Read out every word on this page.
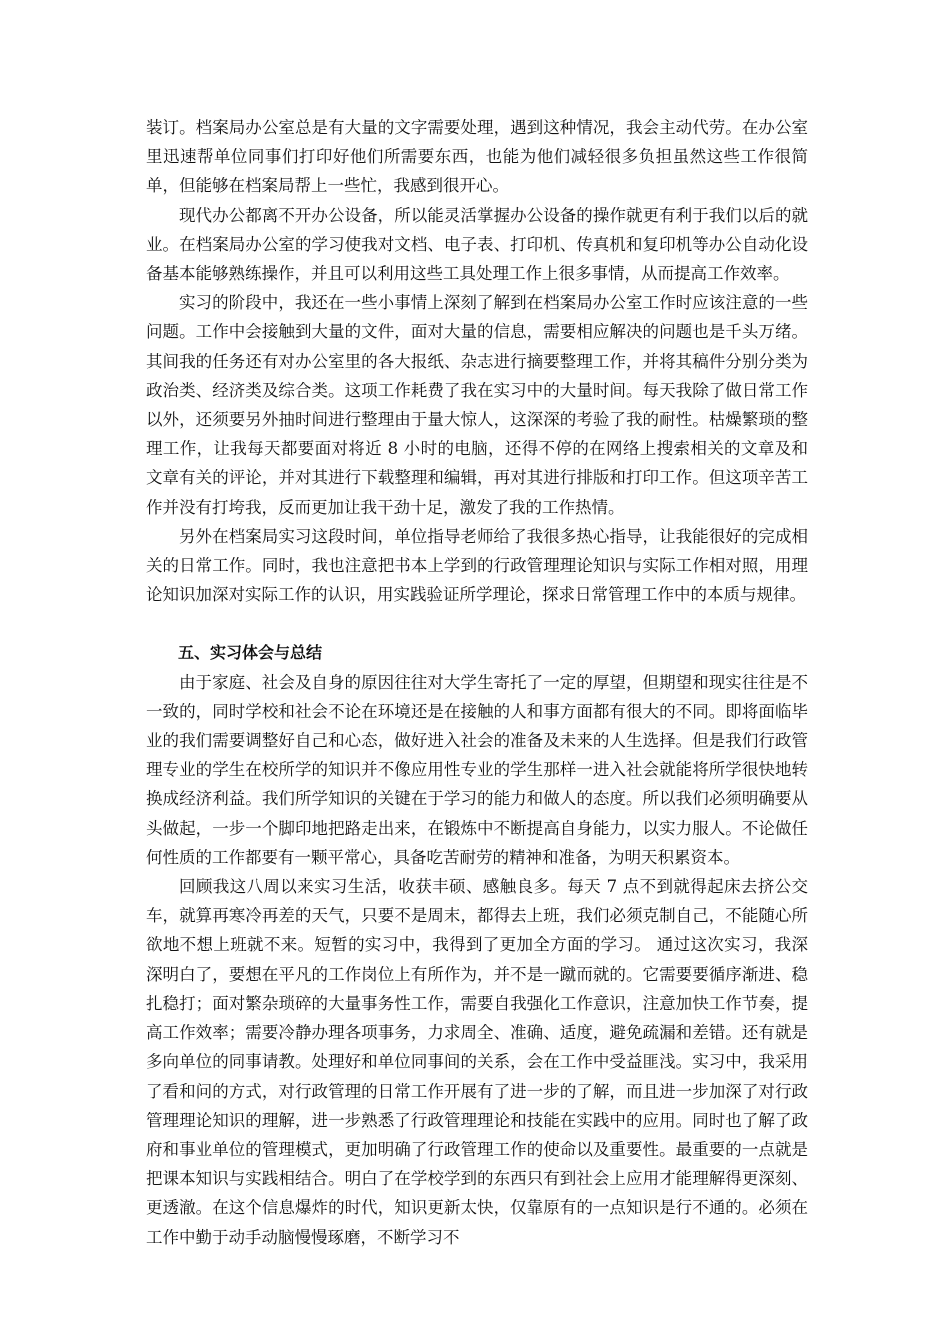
装订。档案局办公室总是有大量的文字需要处理，遇到这种情况，我会主动代劳。在办公室里迅速帮单位同事们打印好他们所需要东西，也能为他们减轻很多负担虽然这些工作很简单，但能够在档案局帮上一些忙，我感到很开心。

现代办公都离不开办公设备，所以能灵活掌握办公设备的操作就更有利于我们以后的就业。在档案局办公室的学习使我对文档、电子表、打印机、传真机和复印机等办公自动化设备基本能够熟练操作，并且可以利用这些工具处理工作上很多事情，从而提高工作效率。

实习的阶段中，我还在一些小事情上深刻了解到在档案局办公室工作时应该注意的一些问题。工作中会接触到大量的文件，面对大量的信息，需要相应解决的问题也是千头万绪。其间我的任务还有对办公室里的各大报纸、杂志进行摘要整理工作，并将其稿件分别分类为政治类、经济类及综合类。这项工作耗费了我在实习中的大量时间。每天我除了做日常工作以外，还须要另外抽时间进行整理由于量大惊人，这深深的考验了我的耐性。枯燥繁琐的整理工作，让我每天都要面对将近 8 小时的电脑，还得不停的在网络上搜索相关的文章及和文章有关的评论，并对其进行下载整理和编辑，再对其进行排版和打印工作。但这项辛苦工作并没有打垮我，反而更加让我干劲十足，激发了我的工作热情。

另外在档案局实习这段时间，单位指导老师给了我很多热心指导，让我能很好的完成相关的日常工作。同时，我也注意把书本上学到的行政管理理论知识与实际工作相对照，用理论知识加深对实际工作的认识，用实践验证所学理论，探求日常管理工作中的本质与规律。

五、实习体会与总结

由于家庭、社会及自身的原因往往对大学生寄托了一定的厚望，但期望和现实往往是不一致的，同时学校和社会不论在环境还是在接触的人和事方面都有很大的不同。即将面临毕业的我们需要调整好自己和心态，做好进入社会的准备及未来的人生选择。但是我们行政管理专业的学生在校所学的知识并不像应用性专业的学生那样一进入社会就能将所学很快地转换成经济利益。我们所学知识的关键在于学习的能力和做人的态度。所以我们必须明确要从头做起，一步一个脚印地把路走出来，在锻炼中不断提高自身能力，以实力服人。不论做任何性质的工作都要有一颗平常心，具备吃苦耐劳的精神和准备，为明天积累资本。

回顾我这八周以来实习生活，收获丰硕、感触良多。每天 7 点不到就得起床去挤公交车，就算再寒冷再差的天气，只要不是周末，都得去上班，我们必须克制自己，不能随心所欲地不想上班就不来。短暂的实习中，我得到了更加全方面的学习。 通过这次实习，我深深明白了，要想在平凡的工作岗位上有所作为，并不是一蹴而就的。它需要要循序渐进、稳扎稳打；面对繁杂琐碎的大量事务性工作，需要自我强化工作意识，注意加快工作节奏，提高工作效率；需要冷静办理各项事务，力求周全、准确、适度，避免疏漏和差错。还有就是多向单位的同事请教。处理好和单位同事间的关系，会在工作中受益匪浅。实习中，我采用了看和问的方式，对行政管理的日常工作开展有了进一步的了解，而且进一步加深了对行政管理理论知识的理解，进一步熟悉了行政管理理论和技能在实践中的应用。同时也了解了政府和事业单位的管理模式，更加明确了行政管理工作的使命以及重要性。最重要的一点就是把课本知识与实践相结合。明白了在学校学到的东西只有到社会上应用才能理解得更深刻、更透澈。在这个信息爆炸的时代，知识更新太快，仅靠原有的一点知识是行不通的。必须在工作中勤于动手动脑慢慢琢磨，不断学习不
